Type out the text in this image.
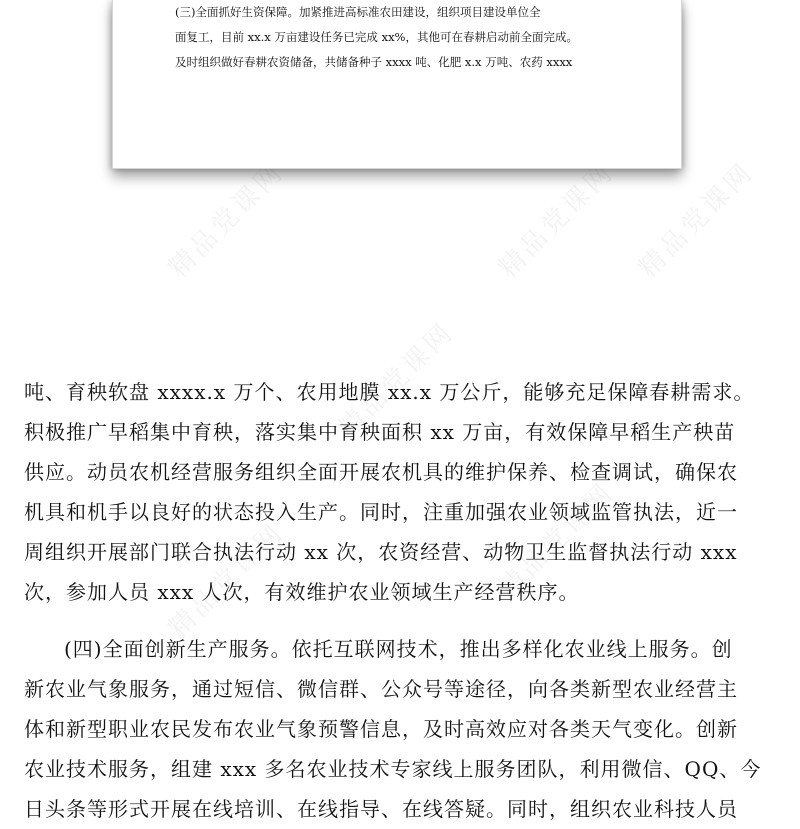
精品党课网	精品党课网
精品党课网
精品党课网
精品党课网	精品党课网
(三)全面抓好生资保障。加紧推进高标准农田建设，组织项目建设单位全
面复工，目前 xx.x 万亩建设任务已完成 xx%，其他可在春耕启动前全面完成。
及时组织做好春耕农资储备，共储备种子 xxxx 吨、化肥 x.x 万吨、农药 xxxx
吨、育秧软盘 xxxx.x 万个、农用地膜 xx.x 万公斤，能够充足保障春耕需求。
积极推广早稻集中育秧，落实集中育秧面积 xx 万亩，有效保障早稻生产秧苗
供应。动员农机经营服务组织全面开展农机具的维护保养、检查调试，确保农
机具和机手以良好的状态投入生产。同时，注重加强农业领域监管执法，近一
周组织开展部门联合执法行动 xx 次，农资经营、动物卫生监督执法行动 xxx
次，参加人员 xxx 人次，有效维护农业领域生产经营秩序。
(四)全面创新生产服务。依托互联网技术，推出多样化农业线上服务。创
新农业气象服务，通过短信、微信群、公众号等途径，向各类新型农业经营主
体和新型职业农民发布农业气象预警信息，及时高效应对各类天气变化。创新
农业技术服务，组建 xxx 多名农业技术专家线上服务团队，利用微信、QQ、今
日头条等形式开展在线培训、在线指导、在线答疑。同时，组织农业科技人员
